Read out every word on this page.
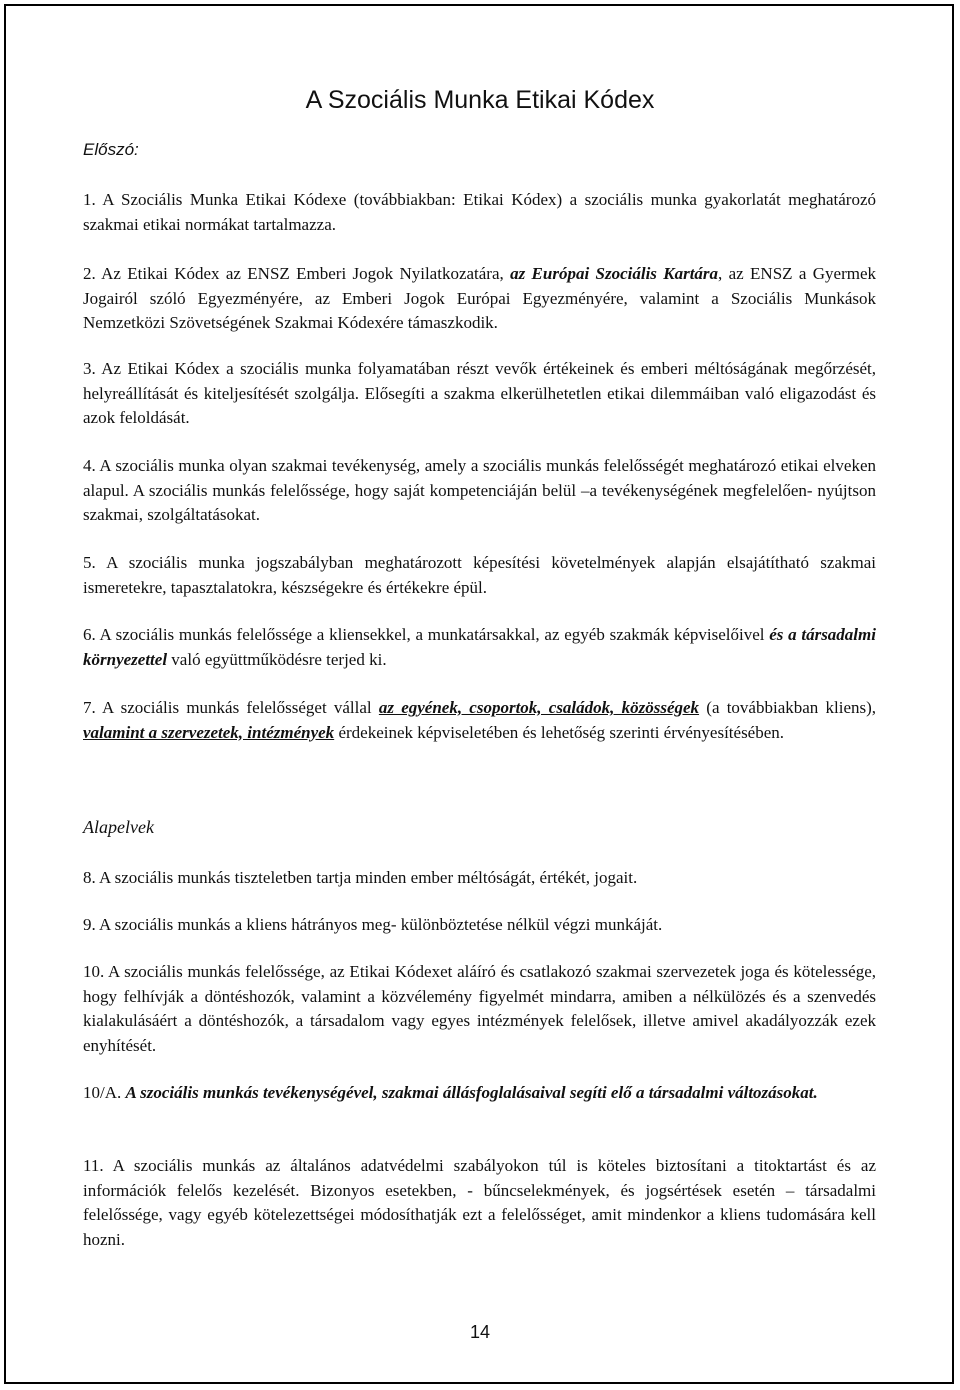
A Szociális Munka Etikai Kódex
Előszó:

1. A Szociális Munka Etikai Kódexe (továbbiakban: Etikai Kódex) a szociális munka gyakorlatát meghatározó szakmai etikai normákat tartalmazza.

2. Az Etikai Kódex az ENSZ Emberi Jogok Nyilatkozatára, az Európai Szociális Kartára, az ENSZ a Gyermek Jogairól szóló Egyezményére, az Emberi Jogok Európai Egyezményére, valamint a Szociális Munkások Nemzetközi Szövetségének Szakmai Kódexére támaszkodik.

3. Az Etikai Kódex a szociális munka folyamatában részt vevők értékeinek és emberi méltóságának megőrzését, helyreállítását és kiteljesítését szolgálja. Elősegíti a szakma elkerülhetetlen etikai dilemmáiban való eligazodást és azok feloldását.

4. A szociális munka olyan szakmai tevékenység, amely a szociális munkás felelősségét meghatározó etikai elveken alapul. A szociális munkás felelőssége, hogy saját kompetenciáján belül –a tevékenységének megfelelően- nyújtson szakmai, szolgáltatásokat.

5. A szociális munka jogszabályban meghatározott képesítési követelmények alapján elsajátítható szakmai ismeretekre, tapasztalatokra, készségekre és értékekre épül.

6. A szociális munkás felelőssége a kliensekkel, a munkatársakkal, az egyéb szakmák képviselőivel és a társadalmi környezettel való együttműködésre terjed ki.

7. A szociális munkás felelősséget vállal az egyének, csoportok, családok, közösségek (a továbbiakban kliens), valamint a szervezetek, intézmények érdekeinek képviseletében és lehetőség szerinti érvényesítésében.

Alapelvek

8. A szociális munkás tiszteletben tartja minden ember méltóságát, értékét, jogait.

9. A szociális munkás a kliens hátrányos meg- különböztetése nélkül végzi munkáját.

10. A szociális munkás felelőssége, az Etikai Kódexet aláíró és csatlakozó szakmai szervezetek joga és kötelessége, hogy felhívják a döntéshozók, valamint a közvélemény figyelmét mindarra, amiben a nélkülözés és a szenvedés kialakulásáért a döntéshozók, a társadalom vagy egyes intézmények felelősek, illetve amivel akadályozzák ezek enyhítését.

10/A. A szociális munkás tevékenységével, szakmai állásfoglalásaival segíti elő a társadalmi változásokat.

11. A szociális munkás az általános adatvédelmi szabályokon túl is köteles biztosítani a titoktartást és az információk felelős kezelését. Bizonyos esetekben, - bűncselekmények, és jogsértések esetén – társadalmi felelőssége, vagy egyéb kötelezettségei módosíthatják ezt a felelősséget, amit mindenkor a kliens tudomására kell hozni.

14
